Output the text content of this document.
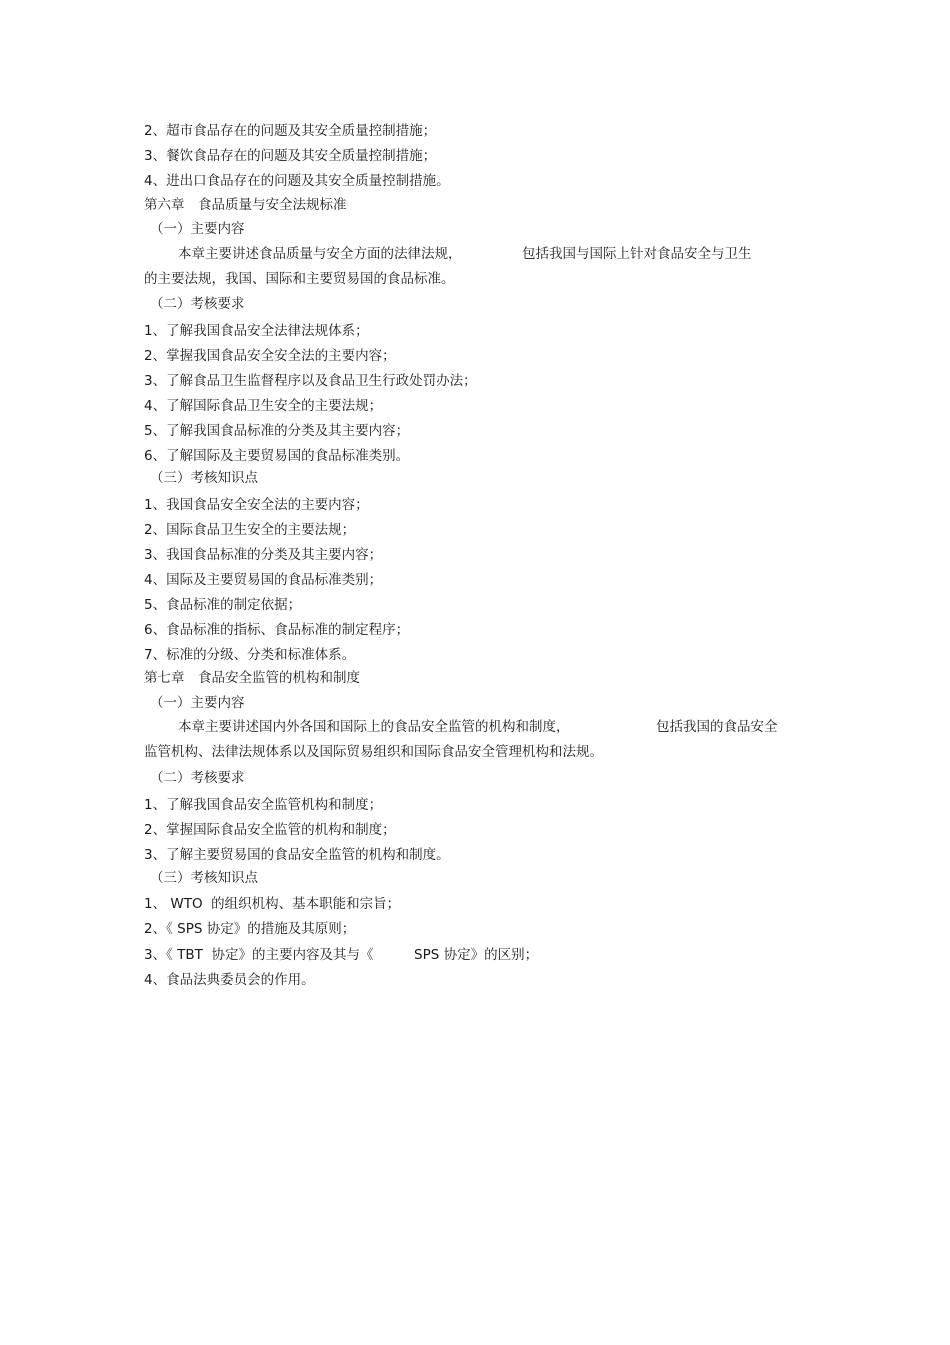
2、超市食品存在的问题及其安全质量控制措施；
3、餐饮食品存在的问题及其安全质量控制措施；
4、进出口食品存在的问题及其安全质量控制措施。
第六章　食品质量与安全法规标准
（一）主要内容
本章主要讲述食品质量与安全方面的法律法规，	包括我国与国际上针对食品安全与卫生
的主要法规，我国、国际和主要贸易国的食品标准。
（二）考核要求
1、了解我国食品安全法律法规体系；
2、掌握我国食品安全安全法的主要内容；
3、了解食品卫生监督程序以及食品卫生行政处罚办法；
4、了解国际食品卫生安全的主要法规；
5、了解我国食品标准的分类及其主要内容；
6、了解国际及主要贸易国的食品标准类别。
（三）考核知识点
1、我国食品安全安全法的主要内容；
2、国际食品卫生安全的主要法规；
3、我国食品标准的分类及其主要内容；
4、国际及主要贸易国的食品标准类别；
5、食品标准的制定依据；
6、食品标准的指标、食品标准的制定程序；
7、标准的分级、分类和标准体系。
第七章　食品安全监管的机构和制度
（一）主要内容
本章主要讲述国内外各国和国际上的食品安全监管的机构和制度，	包括我国的食品安全
监管机构、法律法规体系以及国际贸易组织和国际食品安全管理机构和法规。
（二）考核要求
1、了解我国食品安全监管机构和制度；
2、掌握国际食品安全监管的机构和制度；
3、了解主要贸易国的食品安全监管的机构和制度。
（三）考核知识点
1、 WTO  的组织机构、基本职能和宗旨；
2、《 SPS 协定》的措施及其原则；
3、《 TBT  协定》的主要内容及其与《	SPS 协定》的区别；
4、食品法典委员会的作用。
